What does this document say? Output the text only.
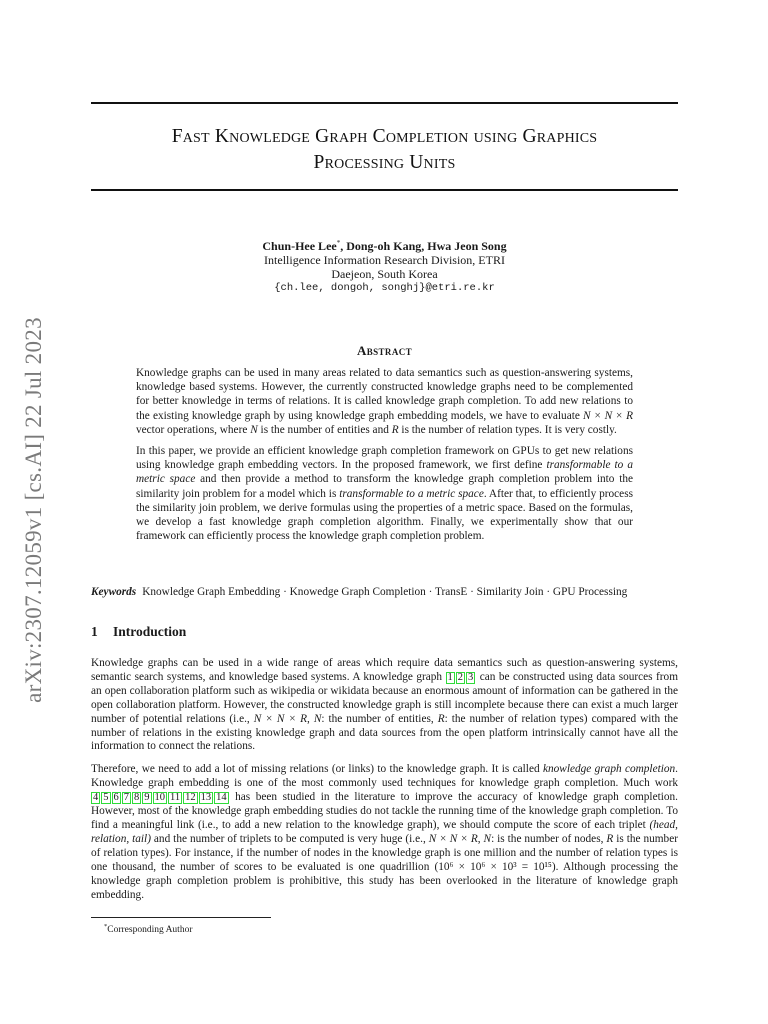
Fast Knowledge Graph Completion using Graphics
Processing Units
arXiv:2307.12059v1 [cs.AI] 22 Jul 2023
Chun-Hee Lee*, Dong-oh Kang, Hwa Jeon Song
Intelligence Information Research Division, ETRI
Daejeon, South Korea
{ch.lee, dongoh, songhj}@etri.re.kr
Abstract

Knowledge graphs can be used in many areas related to data semantics such as question-answering systems, knowledge based systems. However, the currently constructed knowledge graphs need to be complemented for better knowledge in terms of relations. It is called knowledge graph completion. To add new relations to the existing knowledge graph by using knowledge graph embedding models, we have to evaluate N × N × R vector operations, where N is the number of entities and R is the number of relation types. It is very costly.

In this paper, we provide an efficient knowledge graph completion framework on GPUs to get new relations using knowledge graph embedding vectors. In the proposed framework, we first define transformable to a metric space and then provide a method to transform the knowledge graph completion problem into the similarity join problem for a model which is transformable to a metric space. After that, to efficiently process the similarity join problem, we derive formulas using the properties of a metric space. Based on the formulas, we develop a fast knowledge graph completion algorithm. Finally, we experimentally show that our framework can efficiently process the knowledge graph completion problem.

Keywords Knowledge Graph Embedding · Knowedge Graph Completion · TransE · Similarity Join · GPU Processing
1 Introduction

Knowledge graphs can be used in a wide range of areas which require data semantics such as question-answering systems, semantic search systems, and knowledge based systems. A knowledge graph 1 2 3 can be constructed using data sources from an open collaboration platform such as wikipedia or wikidata because an enormous amount of information can be gathered in the open collaboration platform. However, the constructed knowledge graph is still incomplete because there can exist a much larger number of potential relations (i.e., N × N × R, N: the number of entities, R: the number of relation types) compared with the number of relations in the existing knowledge graph and data sources from the open platform intrinsically cannot have all the information to connect the relations.

Therefore, we need to add a lot of missing relations (or links) to the knowledge graph. It is called knowledge graph completion. Knowledge graph embedding is one of the most commonly used techniques for knowledge graph completion. Much work 4 5 6 7 8 9 10 11 12 13 14 has been studied in the literature to improve the accuracy of knowledge graph completion. However, most of the knowledge graph embedding studies do not tackle the running time of the knowledge graph completion. To find a meaningful link (i.e., to add a new relation to the knowledge graph), we should compute the score of each triplet (head, relation, tail) and the number of triplets to be computed is very huge (i.e., N × N × R, N: is the number of nodes, R is the number of relation types). For instance, if the number of nodes in the knowledge graph is one million and the number of relation types is one thousand, the number of scores to be evaluated is one quadrillion (10⁶ × 10⁶ × 10³ = 10¹⁵). Although processing the knowledge graph completion problem is prohibitive, this study has been overlooked in the literature of knowledge graph embedding.

*Corresponding Author
